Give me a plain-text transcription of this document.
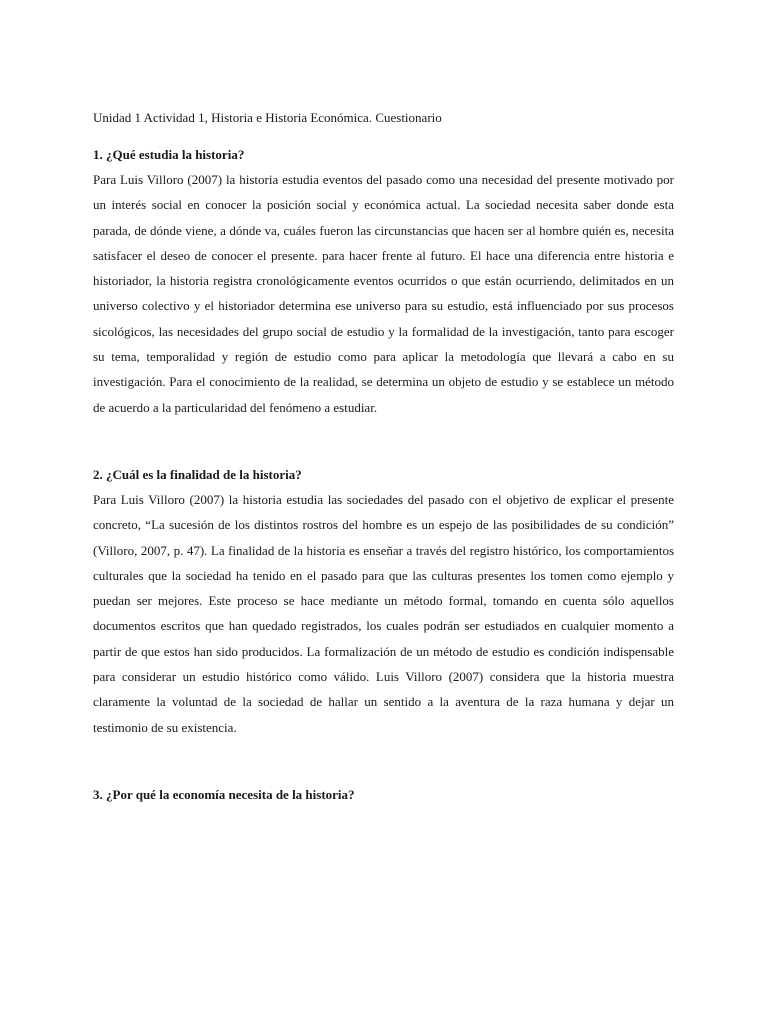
Unidad 1 Actividad 1, Historia e Historia Económica. Cuestionario

1. ¿Qué estudia la historia?

Para Luis Villoro (2007) la historia estudia eventos del pasado como una necesidad del presente motivado por un interés social en conocer la posición social y económica actual. La sociedad necesita saber donde esta parada, de dónde viene, a dónde va, cuáles fueron las circunstancias que hacen ser al hombre quién es, necesita satisfacer el deseo de conocer el presente. para hacer frente al futuro. El hace una diferencia entre historia e historiador, la historia registra cronológicamente eventos ocurridos o que están ocurriendo, delimitados en un universo colectivo y el historiador determina ese universo para su estudio, está influenciado por sus procesos sicológicos, las necesidades del grupo social de estudio y la formalidad de la investigación, tanto para escoger su tema, temporalidad y región de estudio como para aplicar la metodología que llevará a cabo en su investigación. Para el conocimiento de la realidad, se determina un objeto de estudio y se establece un método de acuerdo a la particularidad del fenómeno a estudiar.

2. ¿Cuál es la finalidad de la historia?

Para Luis Villoro (2007) la historia estudia las sociedades del pasado con el objetivo de explicar el presente concreto, “La sucesión de los distintos rostros del hombre es un espejo de las posibilidades de su condición” (Villoro, 2007, p. 47). La finalidad de la historia es enseñar a través del registro histórico, los comportamientos culturales que la sociedad ha tenido en el pasado para que las culturas presentes los tomen como ejemplo y puedan ser mejores. Este proceso se hace mediante un método formal, tomando en cuenta sólo aquellos documentos escritos que han quedado registrados, los cuales podrán ser estudiados en cualquier momento a partir de que estos han sido producidos. La formalización de un método de estudio es condición indispensable para considerar un estudio histórico como válido. Luis Villoro (2007) considera que la historia muestra claramente la voluntad de la sociedad de hallar un sentido a la aventura de la raza humana y dejar un testimonio de su existencia.

3. ¿Por qué la economía necesita de la historia?
